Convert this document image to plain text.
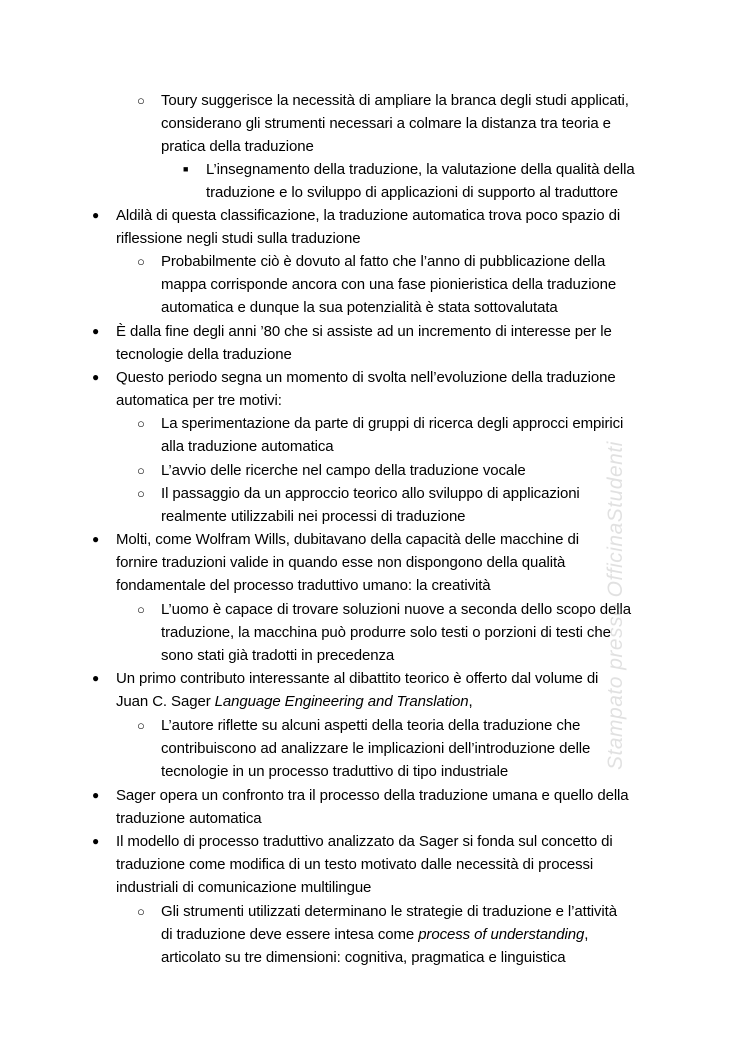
○ Toury suggerisce la necessità di ampliare la branca degli studi applicati,
considerano gli strumenti necessari a colmare la distanza tra teoria e
pratica della traduzione
■ L’insegnamento della traduzione, la valutazione della qualità della
traduzione e lo sviluppo di applicazioni di supporto al traduttore
● Aldilà di questa classificazione, la traduzione automatica trova poco spazio di
riflessione negli studi sulla traduzione
○ Probabilmente ciò è dovuto al fatto che l’anno di pubblicazione della
mappa corrisponde ancora con una fase pionieristica della traduzione
automatica e dunque la sua potenzialità è stata sottovalutata
● È dalla fine degli anni ’80 che si assiste ad un incremento di interesse per le
tecnologie della traduzione
● Questo periodo segna un momento di svolta nell’evoluzione della traduzione
automatica per tre motivi:
○ La sperimentazione da parte di gruppi di ricerca degli approcci empirici
alla traduzione automatica
○ L’avvio delle ricerche nel campo della traduzione vocale
○ Il passaggio da un approccio teorico allo sviluppo di applicazioni
realmente utilizzabili nei processi di traduzione
● Molti, come Wolfram Wills, dubitavano della capacità delle macchine di
fornire traduzioni valide in quando esse non dispongono della qualità
fondamentale del processo traduttivo umano: la creatività
○ L’uomo è capace di trovare soluzioni nuove a seconda dello scopo della
traduzione, la macchina può produrre solo testi o porzioni di testi che
sono stati già tradotti in precedenza
● Un primo contributo interessante al dibattito teorico è offerto dal volume di
Juan C. Sager Language Engineering and Translation,
○ L’autore riflette su alcuni aspetti della teoria della traduzione che
contribuiscono ad analizzare le implicazioni dell’introduzione delle
tecnologie in un processo traduttivo di tipo industriale
● Sager opera un confronto tra il processo della traduzione umana e quello della
traduzione automatica
● Il modello di processo traduttivo analizzato da Sager si fonda sul concetto di
traduzione come modifica di un testo motivato dalle necessità di processi
industriali di comunicazione multilingue
○ Gli strumenti utilizzati determinano le strategie di traduzione e l’attività
di traduzione deve essere intesa come process of understanding,
articolato su tre dimensioni: cognitiva, pragmatica e linguistica
Stampato presso OfficinaStudenti
